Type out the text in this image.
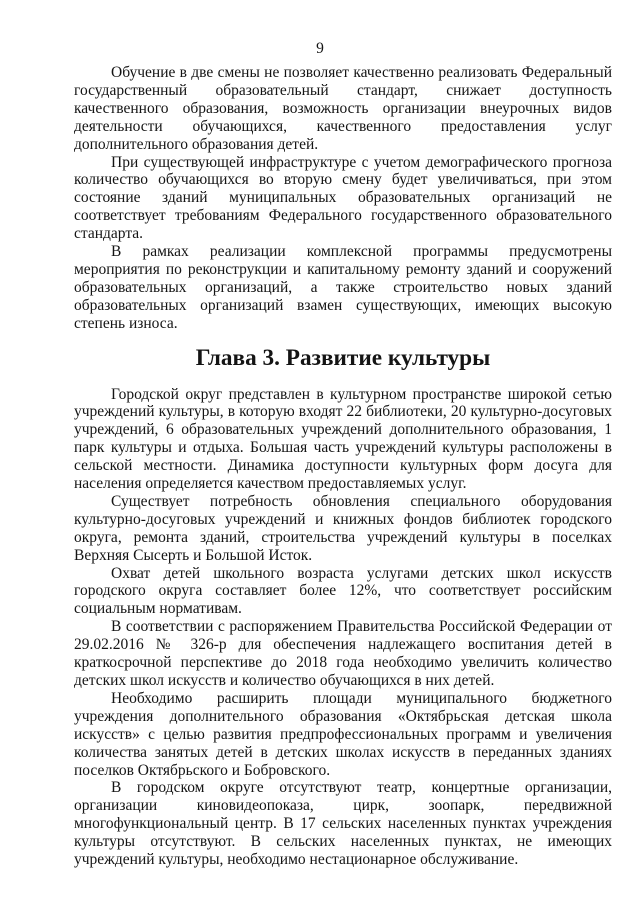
9

Обучение в две смены не позволяет качественно реализовать Федеральный государственный образовательный стандарт, снижает доступность качественного образования, возможность организации внеурочных видов деятельности обучающихся, качественного предоставления услуг дополнительного образования детей.

При существующей инфраструктуре с учетом демографического прогноза количество обучающихся во вторую смену будет увеличиваться, при этом состояние зданий муниципальных образовательных организаций не соответствует требованиям Федерального государственного образовательного стандарта.

В рамках реализации комплексной программы предусмотрены мероприятия по реконструкции и капитальному ремонту зданий и сооружений образовательных организаций, а также строительство новых зданий образовательных организаций взамен существующих, имеющих высокую степень износа.

Глава 3. Развитие культуры

Городской округ представлен в культурном пространстве широкой сетью учреждений культуры, в которую входят 22 библиотеки, 20 культурно-досуговых учреждений, 6 образовательных учреждений дополнительного образования, 1 парк культуры и отдыха. Большая часть учреждений культуры расположены в сельской местности. Динамика доступности культурных форм досуга для населения определяется качеством предоставляемых услуг.

Существует потребность обновления специального оборудования культурно-досуговых учреждений и книжных фондов библиотек городского округа, ремонта зданий, строительства учреждений культуры в поселках Верхняя Сысерть и Большой Исток.

Охват детей школьного возраста услугами детских школ искусств городского округа составляет более 12%, что соответствует российским социальным нормативам.

В соответствии с распоряжением Правительства Российской Федерации от 29.02.2016 № 326-р для обеспечения надлежащего воспитания детей в краткосрочной перспективе до 2018 года необходимо увеличить количество детских школ искусств и количество обучающихся в них детей.

Необходимо расширить площади муниципального бюджетного учреждения дополнительного образования «Октябрьская детская школа искусств» с целью развития предпрофессиональных программ и увеличения количества занятых детей в детских школах искусств в переданных зданиях поселков Октябрьского и Бобровского.

В городском округе отсутствуют театр, концертные организации, организации киновидеопоказа, цирк, зоопарк, передвижной многофункциональный центр. В 17 сельских населенных пунктах учреждения культуры отсутствуют. В сельских населенных пунктах, не имеющих учреждений культуры, необходимо нестационарное обслуживание.
